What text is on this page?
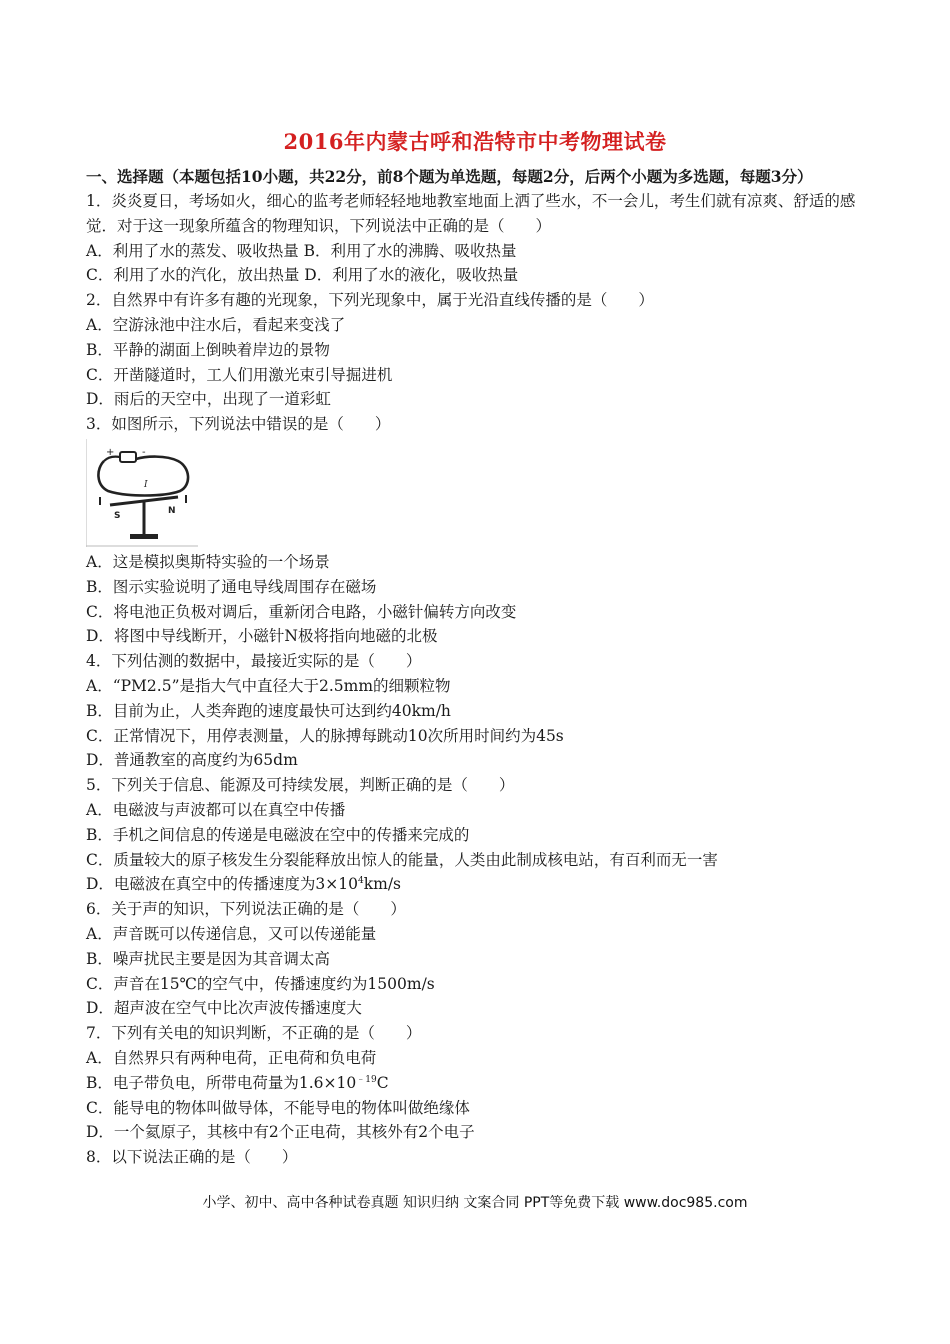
2016年内蒙古呼和浩特市中考物理试卷

一、选择题（本题包括10小题，共22分，前8个题为单选题，每题2分，后两个小题为多选题，每题3分）

1．炎炎夏日，考场如火，细心的监考老师轻轻地地教室地面上洒了些水，不一会儿，考生们就有凉爽、舒适的感觉．对于这一现象所蕴含的物理知识，下列说法中正确的是（　　）

A．利用了水的蒸发、吸收热量 B．利用了水的沸腾、吸收热量

C．利用了水的汽化，放出热量 D．利用了水的液化，吸收热量

2．自然界中有许多有趣的光现象，下列光现象中，属于光沿直线传播的是（　　）

A．空游泳池中注水后，看起来变浅了

B．平静的湖面上倒映着岸边的景物

C．开凿隧道时，工人们用激光束引导掘进机

D．雨后的天空中，出现了一道彩虹

3．如图所示，下列说法中错误的是（　　）

+	-
I
S	N

A．这是模拟奥斯特实验的一个场景

B．图示实验说明了通电导线周围存在磁场

C．将电池正负极对调后，重新闭合电路，小磁针偏转方向改变

D．将图中导线断开，小磁针N极将指向地磁的北极

4．下列估测的数据中，最接近实际的是（　　）

A．“PM2.5”是指大气中直径大于2.5mm的细颗粒物

B．目前为止，人类奔跑的速度最快可达到约40km/h

C．正常情况下，用停表测量，人的脉搏每跳动10次所用时间约为45s

D．普通教室的高度约为65dm

5．下列关于信息、能源及可持续发展，判断正确的是（　　）

A．电磁波与声波都可以在真空中传播

B．手机之间信息的传递是电磁波在空中的传播来完成的

C．质量较大的原子核发生分裂能释放出惊人的能量，人类由此制成核电站，有百利而无一害

D．电磁波在真空中的传播速度为$3\times 10^4km/s$

6．关于声的知识，下列说法正确的是（　　）

A．声音既可以传递信息，又可以传递能量

B．噪声扰民主要是因为其音调太高

C．声音在15℃的空气中，传播速度约为1500m/s

D．超声波在空气中比次声波传播速度大

7．下列有关电的知识判断，不正确的是（　　）

A．自然界只有两种电荷，正电荷和负电荷

B．电子带负电，所带电荷量为$1.6\times 10^{﹣19}C$

C．能导电的物体叫做导体，不能导电的物体叫做绝缘体

D．一个氦原子，其核中有2个正电荷，其核外有2个电子

8．以下说法正确的是（　　）

小学、初中、高中各种试卷真题 知识归纳 文案合同 PPT等免费下载 www.doc985.com
